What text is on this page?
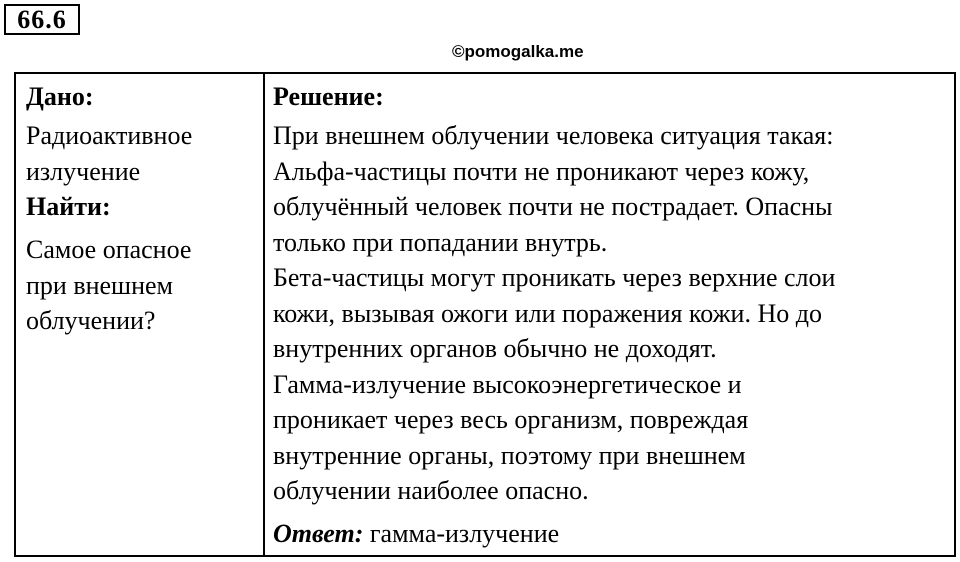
66.6
©pomogalka.me
Дано:
Радиоактивное
излучение
Найти:
Самое опасное
при внешнем
облучении?
Решение:
При внешнем облучении человека ситуация такая:
Альфа-частицы почти не проникают через кожу,
облучённый человек почти не пострадает. Опасны
только при попадании внутрь.
Бета-частицы могут проникать через верхние слои
кожи, вызывая ожоги или поражения кожи. Но до
внутренних органов обычно не доходят.
Гамма-излучение высокоэнергетическое и
проникает через весь организм, повреждая
внутренние органы, поэтому при внешнем
облучении наиболее опасно.
Ответ: гамма-излучение
